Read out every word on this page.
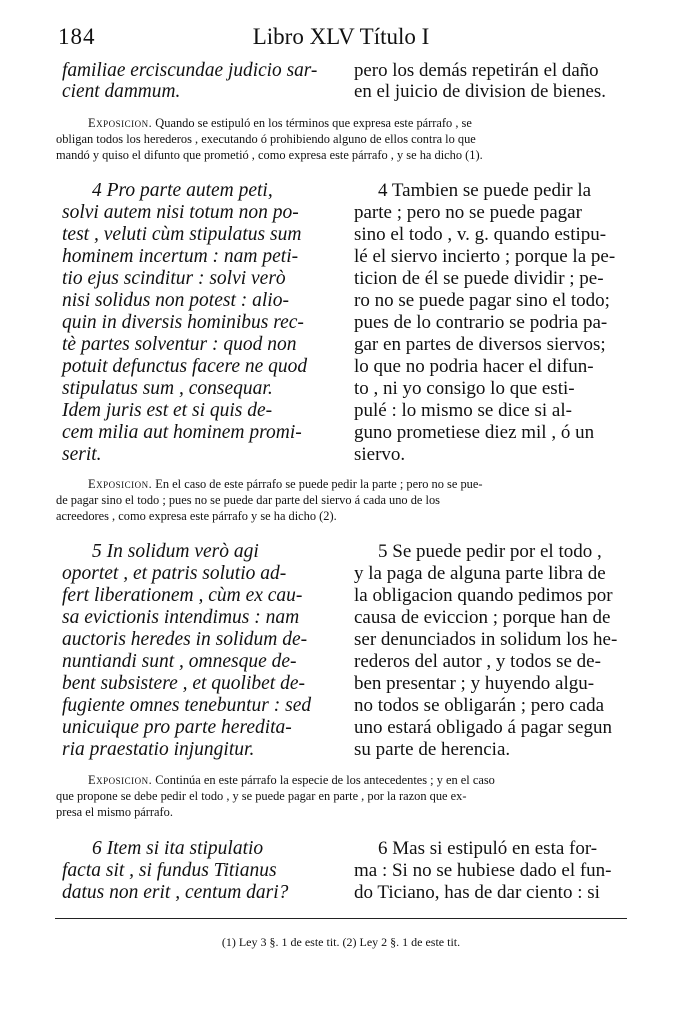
184	Libro XLV Título I
familiae erciscundae judicio sar-
cient dammum.
pero los demás repetirán el daño
en el juicio de division de bienes.
Exposicion. Quando se estipuló en los términos que expresa este párrafo , se
obligan todos los herederos , executando ó prohibiendo alguno de ellos contra lo que
mandó y quiso el difunto que prometió , como expresa este párrafo , y se ha dicho (1).
4 Pro parte autem peti,
solvi autem nisi totum non po-
test , veluti cùm stipulatus sum
hominem incertum : nam peti-
tio ejus scinditur : solvi verò
nisi solidus non potest : alio-
quin in diversis hominibus rec-
tè partes solventur : quod non
potuit defunctus facere ne quod
stipulatus sum , consequar.
Idem juris est et si quis de-
cem milia aut hominem promi-
serit.
4 Tambien se puede pedir la
parte ; pero no se puede pagar
sino el todo , v. g. quando estipu-
lé el siervo incierto ; porque la pe-
ticion de él se puede dividir ; pe-
ro no se puede pagar sino el todo;
pues de lo contrario se podria pa-
gar en partes de diversos siervos;
lo que no podria hacer el difun-
to , ni yo consigo lo que esti-
pulé : lo mismo se dice si al-
guno prometiese diez mil , ó un
siervo.
Exposicion. En el caso de este párrafo se puede pedir la parte ; pero no se pue-
de pagar sino el todo ; pues no se puede dar parte del siervo á cada uno de los
acreedores , como expresa este párrafo y se ha dicho (2).
5 In solidum verò agi
oportet , et patris solutio ad-
fert liberationem , cùm ex cau-
sa evictionis intendimus : nam
auctoris heredes in solidum de-
nuntiandi sunt , omnesque de-
bent subsistere , et quolibet de-
fugiente omnes tenebuntur : sed
unicuique pro parte heredita-
ria praestatio injungitur.
5 Se puede pedir por el todo ,
y la paga de alguna parte libra de
la obligacion quando pedimos por
causa de eviccion ; porque han de
ser denunciados in solidum los he-
rederos del autor , y todos se de-
ben presentar ; y huyendo algu-
no todos se obligarán ; pero cada
uno estará obligado á pagar segun
su parte de herencia.
Exposicion. Continúa en este párrafo la especie de los antecedentes ; y en el caso
que propone se debe pedir el todo , y se puede pagar en parte , por la razon que ex-
presa el mismo párrafo.
6 Item si ita stipulatio
facta sit , si fundus Titianus
datus non erit , centum dari?
6 Mas si estipuló en esta for-
ma : Si no se hubiese dado el fun-
do Ticiano, has de dar ciento : si
(1) Ley 3 §. 1 de este tit. (2) Ley 2 §. 1 de este tit.
